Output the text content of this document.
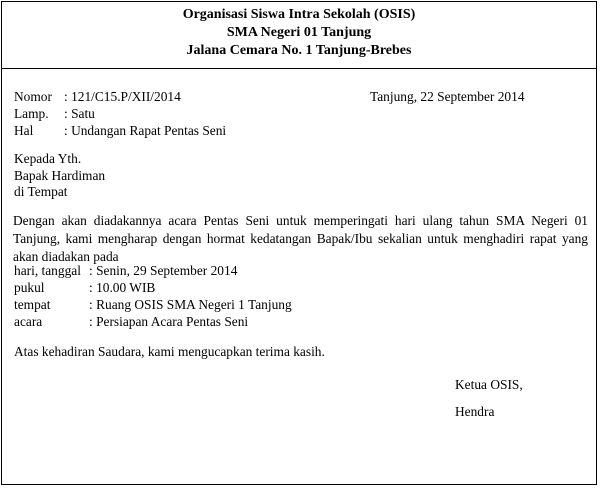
Organisasi Siswa Intra Sekolah (OSIS)
SMA Negeri 01 Tanjung
Jalana Cemara No. 1 Tanjung-Brebes
Nomor : 121/C15.P/XII/2014	Tanjung, 22 September 2014
Lamp. : Satu
Hal : Undangan Rapat Pentas Seni
Kepada Yth.
Bapak Hardiman
di Tempat
Dengan akan diadakannya acara Pentas Seni untuk memperingati hari ulang tahun SMA Negeri 01 Tanjung, kami mengharap dengan hormat kedatangan Bapak/Ibu sekalian untuk menghadiri rapat yang akan diadakan pada
hari, tanggal : Senin, 29 September 2014
pukul	: 10.00 WIB
tempat	: Ruang OSIS SMA Negeri 1 Tanjung
acara	: Persiapan Acara Pentas Seni
Atas kehadiran Saudara, kami mengucapkan terima kasih.
Ketua OSIS,
Hendra
